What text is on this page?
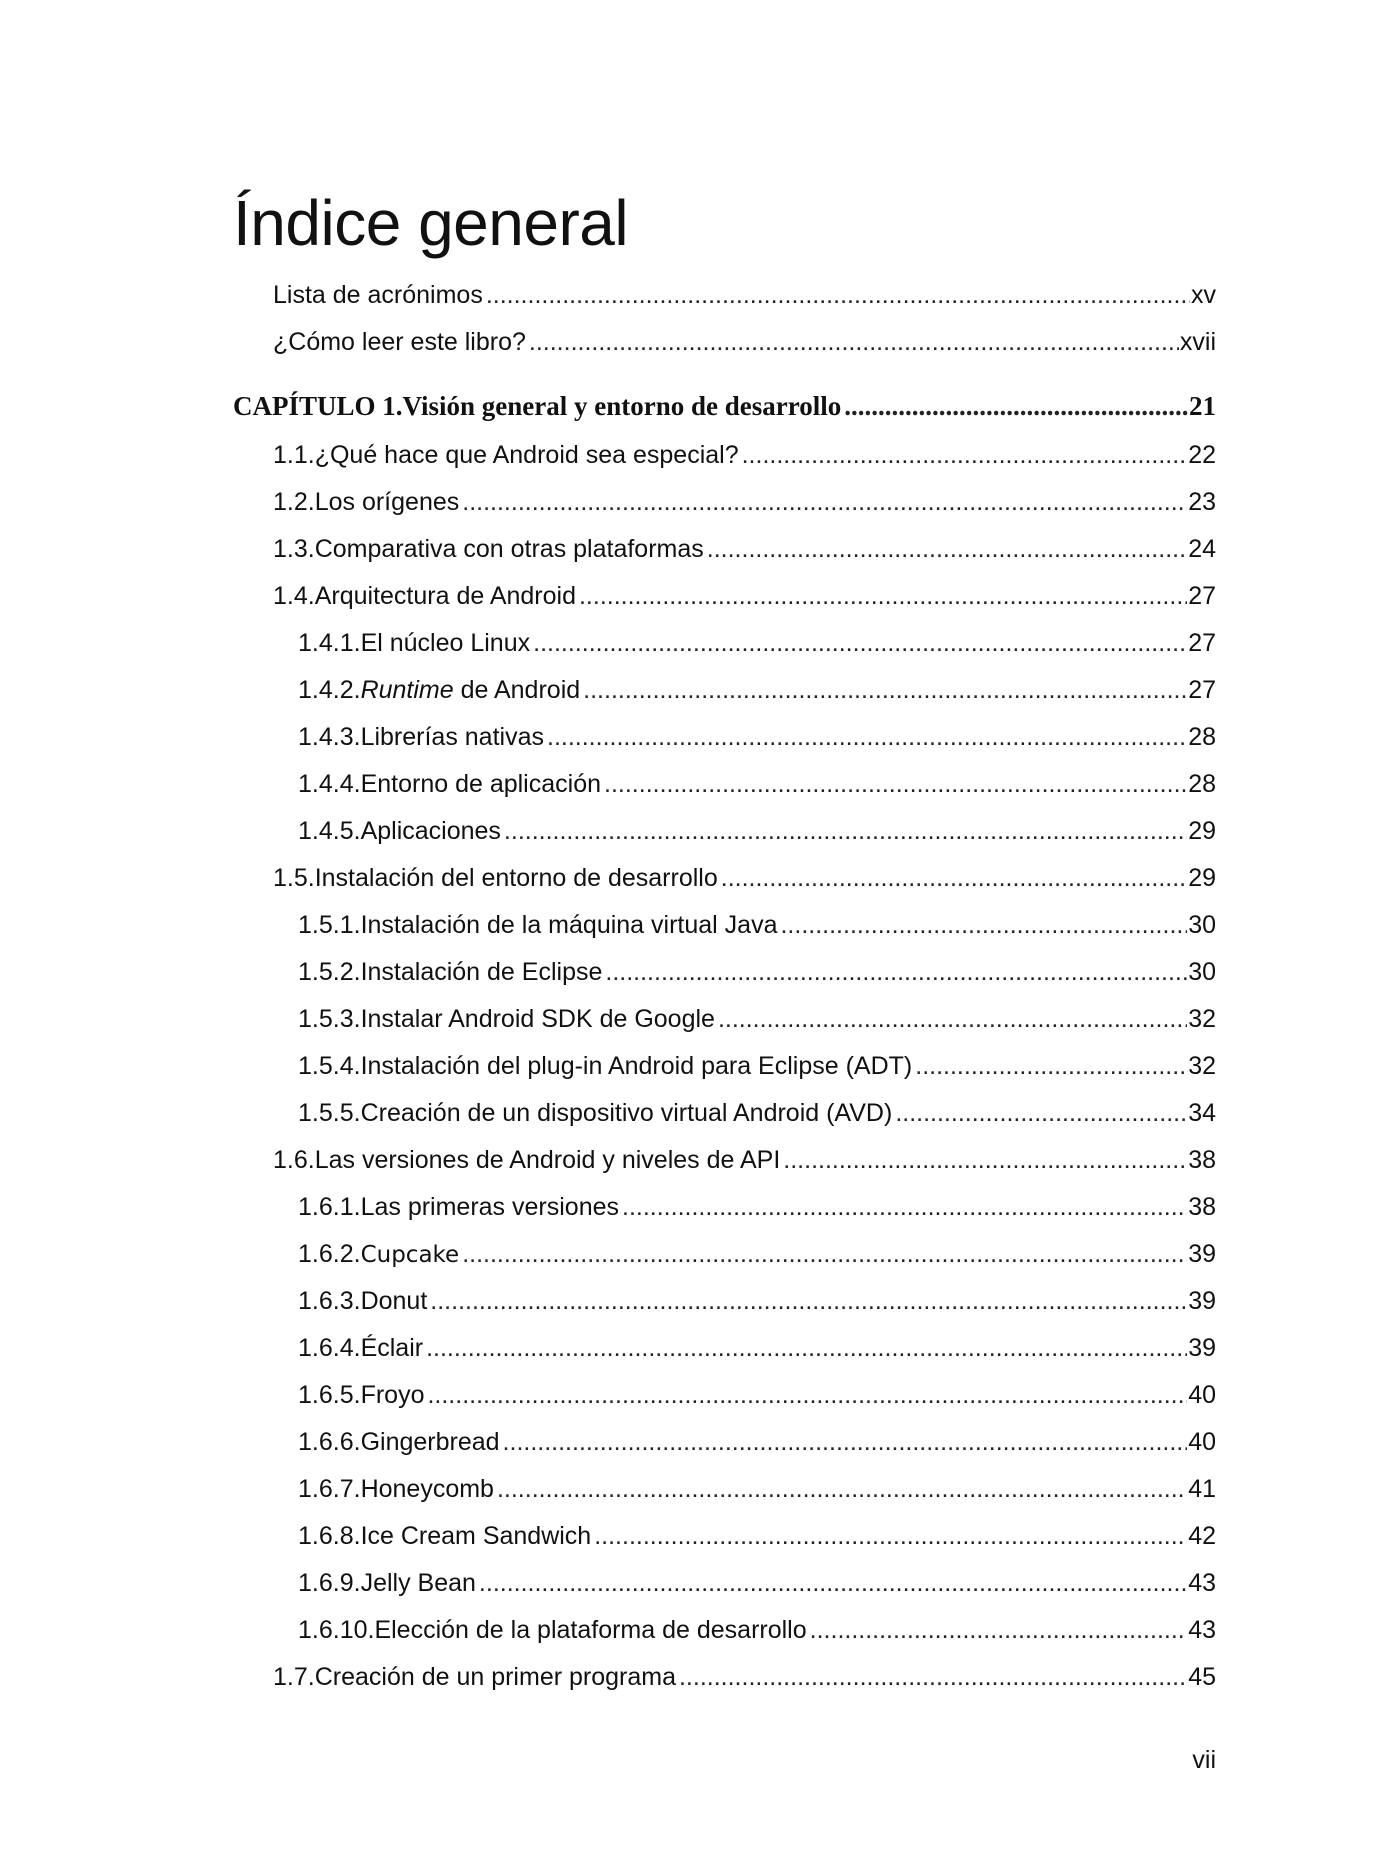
Índice general
Lista de acrónimos .....	xv
¿Cómo leer este libro? .....	xvii
CAPÍTULO 1. Visión general y entorno de desarrollo .....	21
1.1. ¿Qué hace que Android sea especial? .....	22
1.2. Los orígenes .....	23
1.3. Comparativa con otras plataformas .....	24
1.4. Arquitectura de Android .....	27
1.4.1. El núcleo Linux .....	27
1.4.2. Runtime de Android .....	27
1.4.3. Librerías nativas .....	28
1.4.4. Entorno de aplicación .....	28
1.4.5. Aplicaciones .....	29
1.5. Instalación del entorno de desarrollo .....	29
1.5.1. Instalación de la máquina virtual Java .....	30
1.5.2. Instalación de Eclipse .....	30
1.5.3. Instalar Android SDK de Google .....	32
1.5.4. Instalación del plug-in Android para Eclipse (ADT) .....	32
1.5.5. Creación de un dispositivo virtual Android (AVD) .....	34
1.6. Las versiones de Android y niveles de API .....	38
1.6.1. Las primeras versiones .....	38
1.6.2. Cupcake .....	39
1.6.3. Donut .....	39
1.6.4. Éclair .....	39
1.6.5. Froyo .....	40
1.6.6. Gingerbread .....	40
1.6.7. Honeycomb .....	41
1.6.8. Ice Cream Sandwich .....	42
1.6.9. Jelly Bean .....	43
1.6.10. Elección de la plataforma de desarrollo .....	43
1.7. Creación de un primer programa .....	45
vii
